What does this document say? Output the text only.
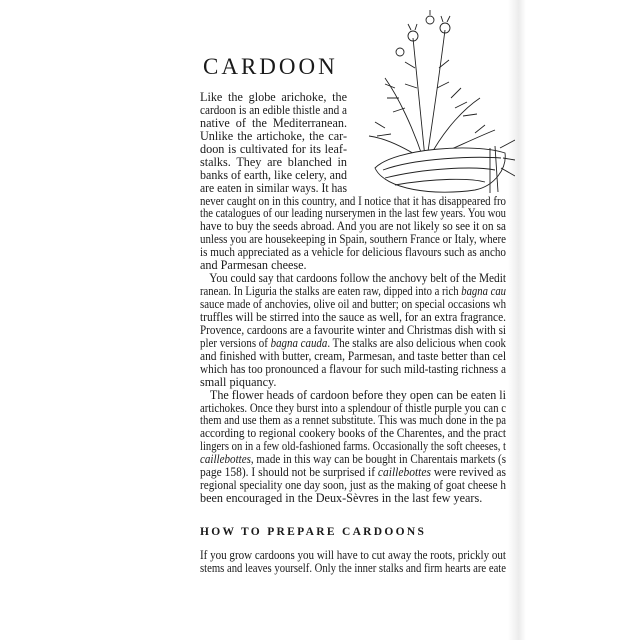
CARDOON
Like the globe arichoke, the
cardoon is an edible thistle and a
native of the Mediterranean.
Unlike the artichoke, the car-
doon is cultivated for its leaf-
stalks. They are blanched in
banks of earth, like celery, and
are eaten in similar ways. It has
never caught on in this country, and I notice that it has disappeared fro
the catalogues of our leading nurserymen in the last few years. You wou
have to buy the seeds abroad. And you are not likely so see it on sa
unless you are housekeeping in Spain, southern France or Italy, where
is much appreciated as a vehicle for delicious flavours such as ancho
and Parmesan cheese.
You could say that cardoons follow the anchovy belt of the Medit
ranean. In Liguria the stalks are eaten raw, dipped into a rich bagna cau
sauce made of anchovies, olive oil and butter; on special occasions wh
truffles will be stirred into the sauce as well, for an extra fragrance.
Provence, cardoons are a favourite winter and Christmas dish with si
pler versions of bagna cauda. The stalks are also delicious when cook
and finished with butter, cream, Parmesan, and taste better than cel
which has too pronounced a flavour for such mild-tasting richness a
small piquancy.
The flower heads of cardoon before they open can be eaten li
artichokes. Once they burst into a splendour of thistle purple you can c
them and use them as a rennet substitute. This was much done in the pa
according to regional cookery books of the Charentes, and the pract
lingers on in a few old-fashioned farms. Occasionally the soft cheeses, t
caillebottes, made in this way can be bought in Charentais markets (s
page 158). I should not be surprised if caillebottes were revived as
regional speciality one day soon, just as the making of goat cheese h
been encouraged in the Deux-Sèvres in the last few years.
HOW TO PREPARE CARDOONS
If you grow cardoons you will have to cut away the roots, prickly out
stems and leaves yourself. Only the inner stalks and firm hearts are eate
